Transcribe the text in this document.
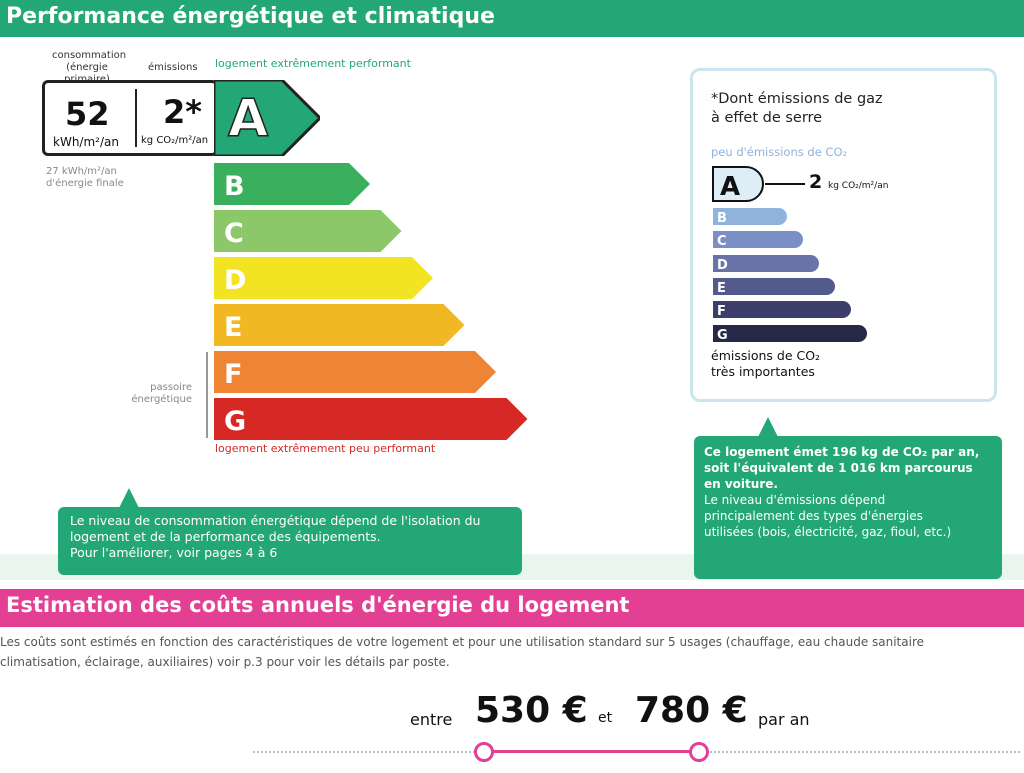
Performance énergétique et climatique
consommation
(énergie	émissions logement extrêmement performant
52
kWh/m²/an
2*
kg CO₂/m²/an
27 kWh/m²/an
d'énergie finale
A
B
C
D
E
F
G
passoire
énergétique
logement extrêmement peu performant
Le niveau de consommation énergétique dépend de l'isolation du
logement et de la performance des équipements.
Pour l'améliorer, voir pages 4 à 6
*Dont émissions de gaz
à effet de serre
peu d'émissions de CO₂
A
B
C
D
E
F
G
2 kg CO₂/m²/an
émissions de CO₂
très importantes
Ce logement émet 196 kg de CO₂ par an,
soit l'équivalent de 1 016 km parcourus
en voiture.
Le niveau d'émissions dépend
principalement des types d'énergies
utilisées (bois, électricité, gaz, fioul, etc.)
Estimation des coûts annuels d'énergie du logement
Les coûts sont estimés en fonction des caractéristiques de votre logement et pour une utilisation standard sur 5 usages (chauffage, eau chaude sanitaire
climatisation, éclairage, auxiliaires) voir p.3 pour voir les détails par poste.
entre 530 € et 780 € par an
